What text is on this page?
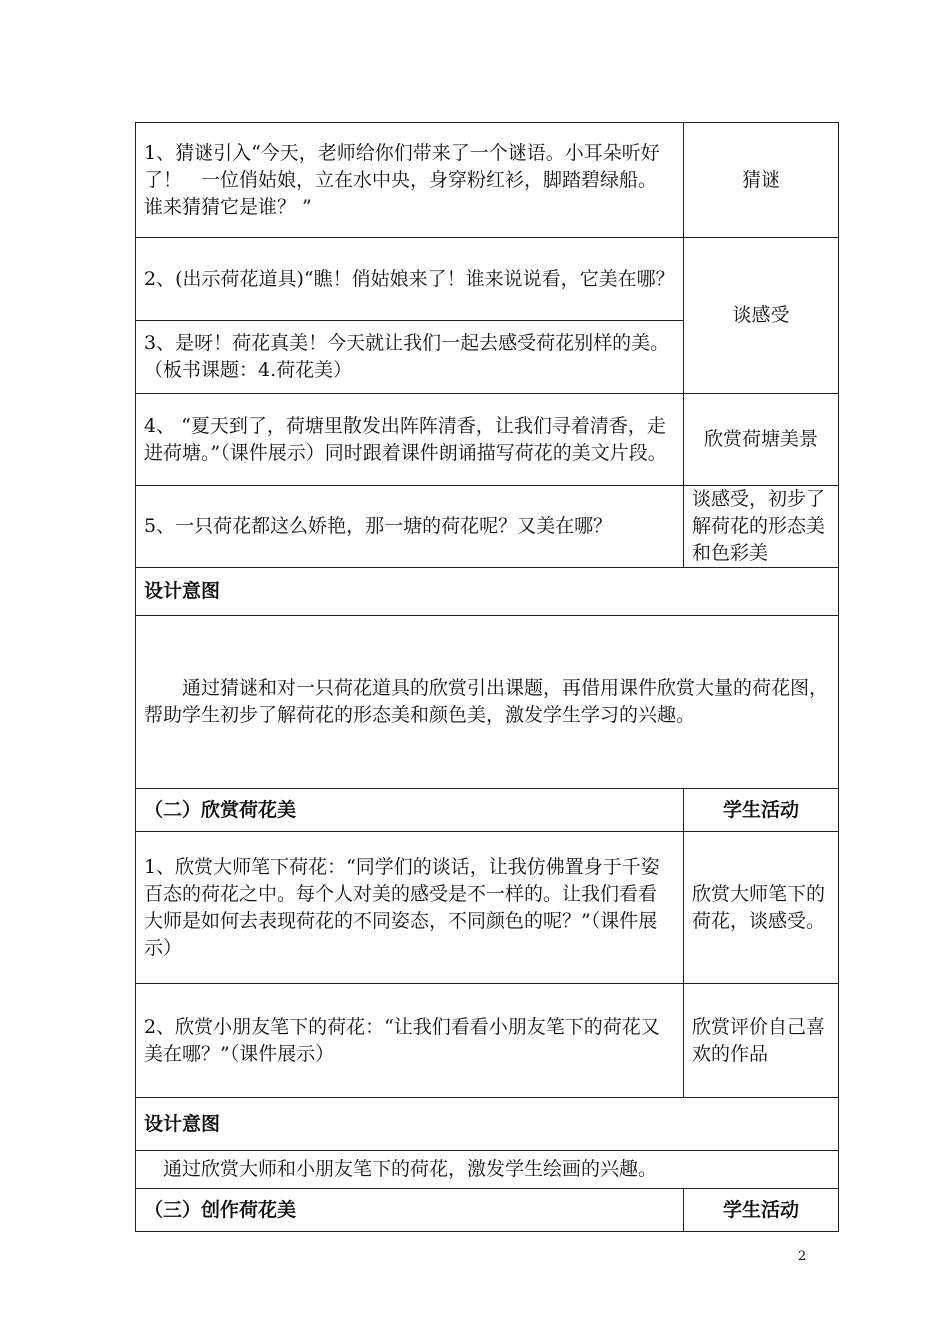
1、猜谜引入“今天，老师给你们带来了一个谜语。小耳朵听好了！　一位俏姑娘，立在水中央，身穿粉红衫，脚踏碧绿船。谁来猜猜它是谁？ ”	猜谜
2、(出示荷花道具)“瞧！俏姑娘来了！谁来说说看，它美在哪？	谈感受
3、是呀！荷花真美！今天就让我们一起去感受荷花别样的美。（板书课题：4.荷花美）	
4、 “夏天到了，荷塘里散发出阵阵清香，让我们寻着清香，走进荷塘。”（课件展示）同时跟着课件朗诵描写荷花的美文片段。	欣赏荷塘美景
5、一只荷花都这么娇艳，那一塘的荷花呢？又美在哪？	谈感受，初步了解荷花的形态美和色彩美
设计意图	
通过猜谜和对一只荷花道具的欣赏引出课题，再借用课件欣赏大量的荷花图，帮助学生初步了解荷花的形态美和颜色美，激发学生学习的兴趣。	
（二）欣赏荷花美	学生活动
1、欣赏大师笔下荷花：“同学们的谈话，让我仿佛置身于千姿百态的荷花之中。每个人对美的感受是不一样的。让我们看看大师是如何去表现荷花的不同姿态，不同颜色的呢？”（课件展示）	欣赏大师笔下的荷花，谈感受。
2、欣赏小朋友笔下的荷花：“让我们看看小朋友笔下的荷花又美在哪？”（课件展示）	欣赏评价自己喜欢的作品
设计意图	
通过欣赏大师和小朋友笔下的荷花，激发学生绘画的兴趣。	
（三）创作荷花美	学生活动
2
